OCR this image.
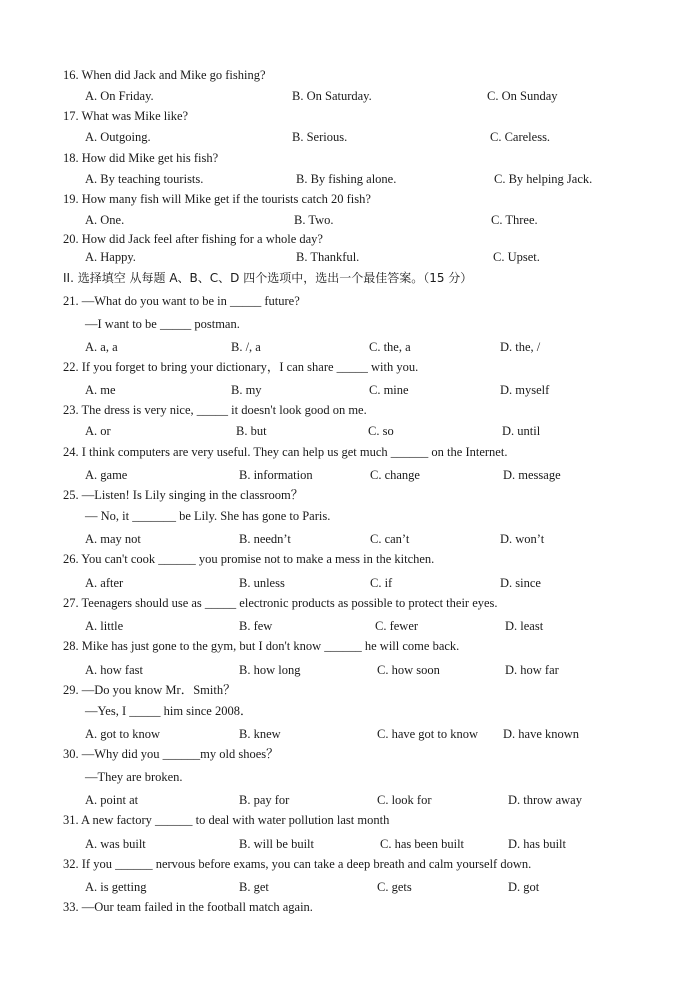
16. When did Jack and Mike go fishing?
A. On Friday.	B. On Saturday.	C. On Sunday
17. What was Mike like?
A. Outgoing.	B. Serious.	C. Careless.
18. How did Mike get his fish?
A. By teaching tourists.	B. By fishing alone.	C. By helping Jack.
19. How many fish will Mike get if the tourists catch 20 fish?
A. One.	B. Two.	C. Three.
20. How did Jack feel after fishing for a whole day?
A. Happy.	B. Thankful.	C. Upset.
II. 选择填空 从每题 A、B、C、D 四个选项中，选出一个最佳答案。（15 分）
21. —What do you want to be in _____ future?
—I want to be _____ postman.
A. a, a	B. /, a	C. the, a	D. the, /
22. If you forget to bring your dictionary，I can share _____ with you.
A. me	B. my	C. mine	D. myself
23. The dress is very nice, _____ it doesn't look good on me.
A. or	B. but	C. so	D. until
24. I think computers are very useful. They can help us get much ______ on the Internet.
A. game	B. information	C. change	D. message
25. —Listen! Is Lily singing in the classroom？
— No, it _______ be Lily. She has gone to Paris.
A. may not	B. needn’t	C. can’t	D. won’t
26. You can't cook ______ you promise not to make a mess in the kitchen.
A. after	B. unless	C. if	D. since
27. Teenagers should use as _____ electronic products as possible to protect their eyes.
A. little	B. few	C. fewer	D. least
28. Mike has just gone to the gym, but I don't know ______ he will come back.
A. how fast	B. how long	C. how soon	D. how far
29. —Do you know Mr．Smith？
—Yes, I _____ him since 2008．
A. got to know	B. knew	C. have got to know D. have known
30. —Why did you ______my old shoes？
—They are broken.
A. point at	B. pay for	C. look for	D. throw away
31. A new factory ______ to deal with water pollution last month
A. was built	B. will be built	C. has been built	D. has built
32. If you ______ nervous before exams, you can take a deep breath and calm yourself down.
A. is getting	B. get	C. gets	D. got
33. —Our team failed in the football match again.
